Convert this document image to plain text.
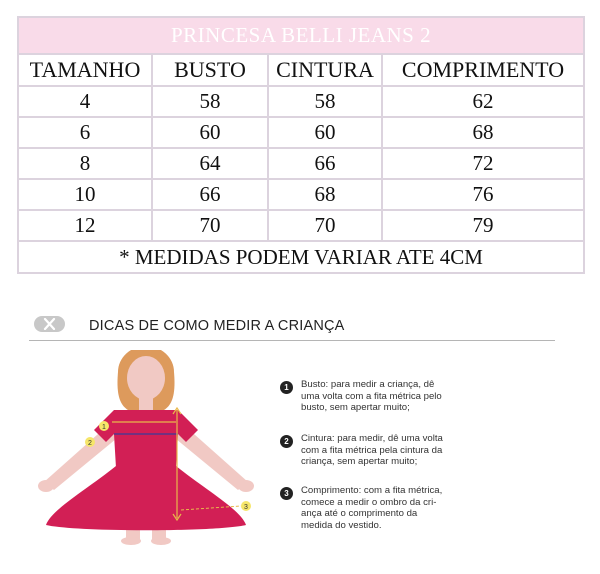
PRINCESA BELLI JEANS 2			
TAMANHO	BUSTO	CINTURA	COMPRIMENTO
4	58	58	62
6	60	60	68
8	64	66	72
10	66	68	76
12	70	70	79
* MEDIDAS PODEM VARIAR ATE 4CM			
DICAS DE COMO MEDIR A CRIANÇA
1
2
3
1	Busto: para medir a criança, dê
uma volta com a fita métrica pelo
busto, sem apertar muito;
2	Cintura: para medir, dê uma volta
com a fita métrica pela cintura da
criança, sem apertar muito;
3	Comprimento: com a fita métrica,
comece a medir o ombro da cri-
ança até o comprimento da
medida do vestido.
